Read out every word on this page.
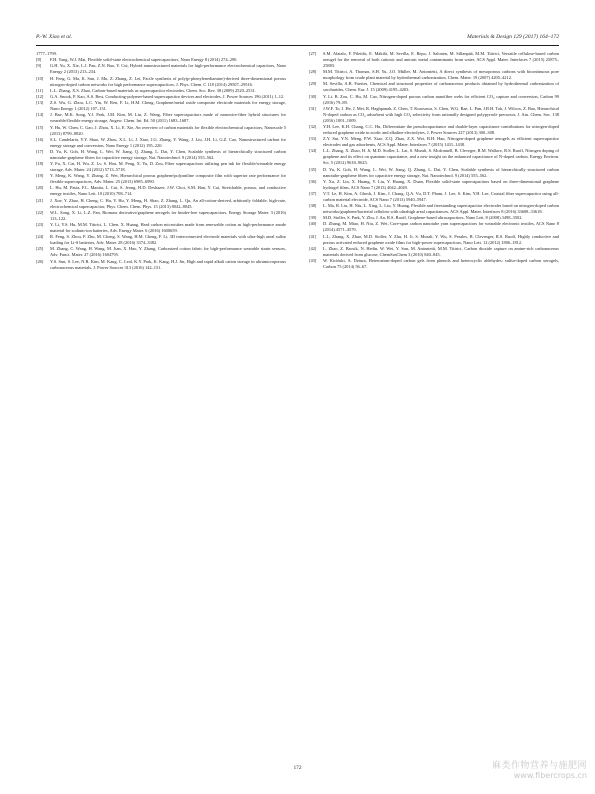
P.-W. Xiao et al.	Materials & Design 129 (2017) 164–172
1777–1799.
[8]	F.H. Yang, W.J. Mai, Flexible solid-state electrochemical supercapacitors, Nano Energy 8 (2014) 274–290.
[9]	G.H. Yu, X. Xie, L.J. Pan, Z.N. Bao, Y. Cui, Hybrid nanostructured materials for high-performance electrochemical capacitors, Nano Energy 2 (2013) 213–234.
[10]	H. Feng, G. Ma, K. Sun, J. Mu, Z. Zhang, Z. Lei, Facile synthesis of poly(p-phenylenediamine)-derived three-dimensional porous nitrogen-doped carbon networks for high performance supercapacitors, J. Phys. Chem. C 118 (2014) 29507–29516.
[11]	L.L. Zhang, X.S. Zhao, Carbon-based materials as supercapacitor electrodes, Chem. Soc. Rev. 38 (2009) 2520–2531.
[12]	G.A. Snook, P. Kao, A.S. Best, Conducting-polymer-based supercapacitor devices and electrodes, J. Power Sources 196 (2011) 1–12.
[13]	Z.S. Wu, G. Zhou, L.C. Yin, W. Ren, F. Li, H.M. Cheng, Graphene/metal oxide composite electrode materials for energy storage, Nano Energy 1 (2012) 107–131.
[14]	J. Bae, M.K. Song, Y.J. Park, J.M. Kim, M. Liu, Z. Wang, Fiber supercapacitors made of nanowire-fiber hybrid structures for wearable/flexible energy storage, Angew. Chem. Int. Ed. 50 (2011) 1683–1687.
[15]	Y. Hu, W. Chen, C. Gao, J. Zhou, X. Li, E. Xie, An overview of carbon materials for flexible electrochemical capacitors, Nanoscale 5 (2013) 8799–8820.
[16]	S.L. Candelaria, Y.Y. Shao, W. Zhou, X.L. Li, J. Xiao, J.G. Zhang, Y. Wang, J. Liu, J.H. Li, G.Z. Cao, Nanostructured carbon for energy storage and conversion, Nano Energy 1 (2012) 195–220.
[17]	D. Yu, K. Goh, H. Wang, L. Wei, W. Jiang, Q. Zhang, L. Dai, Y. Chen, Scalable synthesis of hierarchically structured carbon nanotube-graphene fibres for capacitive energy storage, Nat. Nanotechnol. 9 (2014) 555–562.
[18]	Y. Fu, X. Cai, H. Wu, Z. Lv, S. Hou, M. Peng, X. Yu, D. Zou, Fiber supercapacitors utilizing pen ink for flexible/wearable energy storage, Adv. Mater. 24 (2012) 5713–5718.
[19]	Y. Meng, K. Wang, Y. Zhang, Z. Wei, Hierarchical porous graphene/polyaniline composite film with superior rate performance for flexible supercapacitors, Adv. Mater. 25 (2013) 6985–6990.
[20]	L. Hu, M. Pasta, F.L. Mantia, L. Cui, S. Jeong, H.D. Deshazer, J.W. Choi, S.M. Han, Y. Cui, Stretchable, porous, and conductive energy textiles, Nano Lett. 10 (2010) 708–714.
[21]	J. Xue, Y. Zhao, H. Cheng, C. Hu, Y. Hu, Y. Meng, H. Shao, Z. Zhang, L. Qu, An all-cotton-derived, arbitrarily foldable, high-rate, electrochemical supercapacitor, Phys. Chem. Chem. Phys. 15 (2013) 8042–8045.
[22]	W.L. Song, X. Li, L.Z. Fan, Biomass derivative/graphene aerogels for binder-free supercapacitors, Energy Storage Mater. 3 (2016) 113–122.
[23]	Y. Li, Y.S. Hu, M.M. Titirici, L. Chen, X. Huang, Hard carbon microtubes made from renewable cotton as high-performance anode material for sodium-ion batteries, Adv. Energy Mater. 6 (2016) 1600659.
[24]	R. Feng, S. Zhou, P. Zhu, M. Cheng, S. Wang, H.M. Cheng, F. Li, 3D interconnected electrode materials with ultra-high areal sulfur loading for Li-S batteries, Adv. Mater. 28 (2016) 3374–3382.
[25]	M. Zhang, C. Wang, H. Wang, M. Jian, X. Hao, Y. Zhang, Carbonized cotton fabric for high-performance wearable strain sensors, Adv. Funct. Mater. 27 (2016) 1604795.
[26]	Y.S. Sun, S. Lee, N.R. Kim, M. Kang, C. Leal, K.Y. Park, K. Kang, H.J. Jin, High and rapid alkali cation storage in ultramicroporous carbonaceous materials, J. Power Sources 313 (2016) 142–151.
[27]	S.M. Alatalo, F. Pileidis, E. Mäkilä, M. Sevilla, E. Repo, J. Salonen, M. Sillanpää, M.M. Titirici, Versatile cellulose-based carbon aerogel for the removal of both cationic and anionic metal contaminants from water, ACS Appl. Mater. Interfaces 7 (2015) 25875–25883.
[28]	M.M. Titirici, A. Thomas, S.H. Yu, J.O. Müller, M. Antonietti, A direct synthesis of mesoporous carbons with bicontinuous pore morphology from crude plant material by hydrothermal carbonization, Chem. Mater. 19 (2007) 4205–4212.
[29]	M. Sevilla, A.B. Fuertes, Chemical and structural properties of carbonaceous products obtained by hydrothermal carbonization of saccharides, Chem. Eur. J. 15 (2009) 4195–4203.
[30]	Y. Li, B. Zou, C. Hu, M. Cao, Nitrogen-doped porous carbon nanofiber webs for efficient CO₂ capture and conversion, Carbon 99 (2016) 79–89.
[31]	J.W.F. To, J. He, J. Mei, R. Haghpanah, Z. Chen, T. Kurosawa, S. Chen, W.G. Bae, L. Pan, J.B.H. Tok, J. Wilcox, Z. Bao, Hierarchical N-doped carbon as CO₂ adsorbent with high CO₂ selectivity from rationally designed polypyrrole precursor, J. Am. Chem. Soc. 138 (2016) 1001–1009.
[32]	Y.H. Lee, K.H. Chang, C.C. Hu, Differentiate the pseudocapacitance and double-layer capacitance contributions for nitrogen-doped reduced graphene oxide in acidic and alkaline electrolytes, J. Power Sources 227 (2013) 300–308.
[33]	Z.Y. Sui, Y.N. Meng, P.W. Xiao, Z.Q. Zhao, Z.X. Wei, B.H. Han, Nitrogen-doped graphene aerogels as efficient supercapacitor electrodes and gas adsorbents, ACS Appl. Mater. Interfaces 7 (2015) 1431–1438.
[34]	L.L. Zhang, X. Zhao, H. Ji, M.D. Stoller, L. Lai, S. Murali, S. Mcdonnell, B. Cleveger, R.M. Wallace, R.S. Ruoff, Nitrogen doping of graphene and its effect on quantum capacitance, and a new insight on the enhanced capacitance of N-doped carbon, Energy Environ. Sci. 5 (2012) 9618–9625.
[35]	D. Yu, K. Goh, H. Wang, L. Wei, W. Jiang, Q. Zhang, L. Dai, Y. Chen, Scalable synthesis of hierarchically structured carbon nanotube-graphene fibres for capacitive energy storage, Nat. Nanotechnol. 9 (2014) 555–562.
[36]	Y. Xu, Z. Lin, X. Huang, Y. Liu, Y. Huang, X. Duan, Flexible solid-state supercapacitors based on three-dimensional graphene hydrogel films, ACS Nano 7 (2013) 4042–4049.
[37]	V.T. Le, H. Kim, A. Ghosh, J. Kim, J. Chang, Q.A. Vu, D.T. Pham, J. Lee, S. Kim, Y.H. Lee, Coaxial fiber supercapacitor using all-carbon material electrode, ACS Nano 7 (2013) 5940–5947.
[38]	L. Ma, R. Liu, H. Niu, L. Xing, L. Liu, Y. Huang, Flexible and freestanding supercapacitor electrodes based on nitrogen-doped carbon networks/graphene/bacterial cellulose with ultrahigh areal capacitances, ACS Appl. Mater. Interfaces 8 (2016) 33608–33618.
[39]	M.D. Stoller, S. Park, Y. Zhu, J. An, R.S. Ruoff, Graphene-based ultracapacitors, Nano Lett. 8 (2008) 3498–3502.
[40]	D. Zhang, M. Miao, H. Niu, Z. Wei, Core-spun carbon nanotube yarn supercapacitors for wearable electronic textiles, ACS Nano 8 (2014) 4571–4579.
[41]	L.L. Zhang, X. Zhao, M.D. Stoller, Y. Zhu, H. Ji, S. Murali, Y. Wu, S. Perales, B. Clevenger, R.S. Ruoff, Highly conductive and porous activated reduced graphene oxide films for high-power supercapacitors, Nano Lett. 12 (2012) 1806–1812.
[42]	L. Zhao, Z. Bacsik, N. Hedin, W. Wei, Y. Sun, M. Antonietti, M.M. Titirici, Carbon dioxide capture on amine-rich carbonaceous materials derived from glucose, ChemSusChem 3 (2010) 840–845.
[43]	W. Kiciński, A. Dziura, Heteroatom-doped carbon gels from phenols and heterocyclic aldehydes: sulfur-doped carbon xerogels, Carbon 75 (2014) 56–67.
172	麻类作物营养与施肥网
www.fibercrops.cn
